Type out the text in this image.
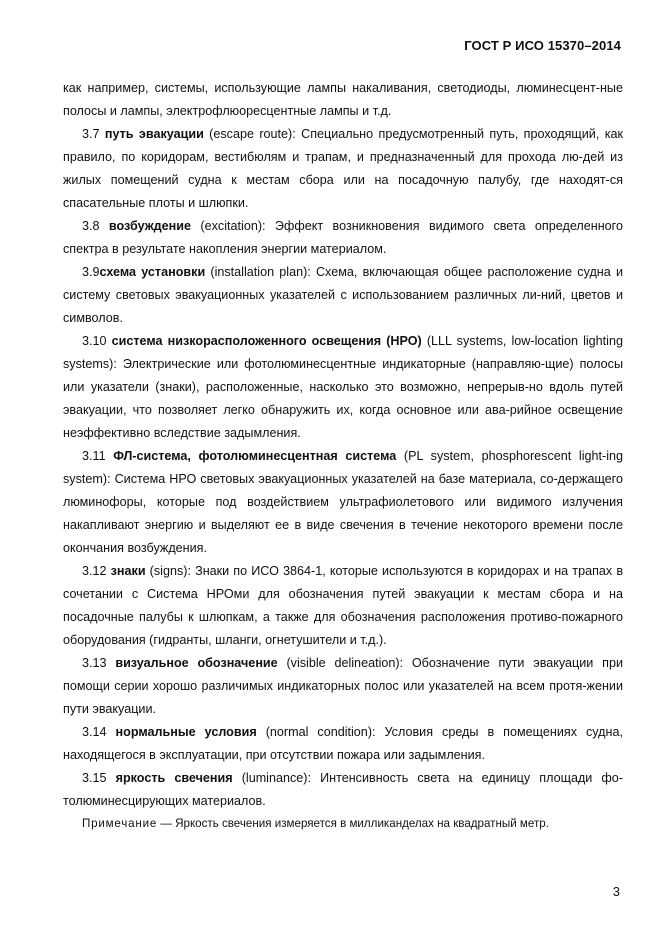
ГОСТ Р ИСО 15370–2014

как например, системы, использующие лампы накаливания, светодиоды, люминесцент-ные полосы и лампы, электрофлюоресцентные лампы и т.д.

3.7 путь эвакуации (escape route): Специально предусмотренный путь, проходящий, как правило, по коридорам, вестибюлям и трапам, и предназначенный для прохода лю-дей из жилых помещений судна к местам сбора или на посадочную палубу, где находят-ся спасательные плоты и шлюпки.

3.8 возбуждение (excitation): Эффект возникновения видимого света определенного спектра в результате накопления энергии материалом.

3.9схема установки (installation plan): Схема, включающая общее расположение судна и систему световых эвакуационных указателей с использованием различных ли-ний, цветов и символов.

3.10 система низкорасположенного освещения (НРО) (LLL systems, low-location lighting systems): Электрические или фотолюминесцентные индикаторные (направляю-щие) полосы или указатели (знаки), расположенные, насколько это возможно, непрерыв-но вдоль путей эвакуации, что позволяет легко обнаружить их, когда основное или ава-рийное освещение неэффективно вследствие задымления.

3.11 ФЛ-система, фотолюминесцентная система (PL system, phosphorescent light-ing system): Система НРО световых эвакуационных указателей на базе материала, со-держащего люминофоры, которые под воздействием ультрафиолетового или видимого излучения накапливают энергию и выделяют ее в виде свечения в течение некоторого времени после окончания возбуждения.

3.12 знаки (signs): Знаки по ИСО 3864-1, которые используются в коридорах и на трапах в сочетании с Система НРОми для обозначения путей эвакуации к местам сбора и на посадочные палубы к шлюпкам, а также для обозначения расположения противо-пожарного оборудования (гидранты, шланги, огнетушители и т.д.).

3.13 визуальное обозначение (visible delineation): Обозначение пути эвакуации при помощи серии хорошо различимых индикаторных полос или указателей на всем протя-жении пути эвакуации.

3.14 нормальные условия (normal condition): Условия среды в помещениях судна, находящегося в эксплуатации, при отсутствии пожара или задымления.

3.15 яркость свечения (luminance): Интенсивность света на единицу площади фо-толюминесцирующих материалов.

Примечание — Яркость свечения измеряется в милликанделах на квадратный метр.

3
